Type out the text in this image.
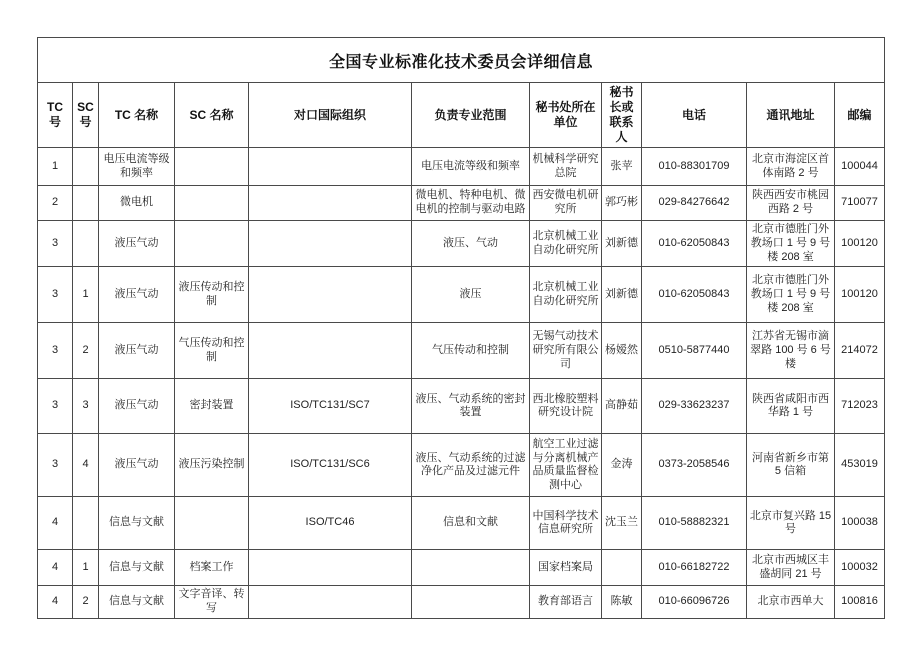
全国专业标准化技术委员会详细信息										
TC 号	SC 号	TC 名称	SC 名称	对口国际组织	负责专业范围	秘书处所在单位	秘书长或联系人	电话	通讯地址	邮编
1		电压电流等级和频率			电压电流等级和频率	机械科学研究总院	张苹	010-88301709	北京市海淀区首体南路 2 号	100044
2		微电机			微电机、特种电机、微电机的控制与驱动电路	西安微电机研究所	郭巧彬	029-84276642	陕西西安市桃园西路 2 号	710077
3		液压气动			液压、气动	北京机械工业自动化研究所	刘新德	010-62050843	北京市德胜门外教场口 1 号 9 号楼 208 室	100120
3	1	液压气动	液压传动和控制		液压	北京机械工业自动化研究所	刘新德	010-62050843	北京市德胜门外教场口 1 号 9 号楼 208 室	100120
3	2	液压气动	气压传动和控制		气压传动和控制	无锡气动技术研究所有限公司	杨嫒然	0510-5877440	江苏省无锡市滴翠路 100 号 6 号楼	214072
3	3	液压气动	密封装置	ISO/TC131/SC7	液压、气动系统的密封装置	西北橡胶塑料研究设计院	高静茹	029-33623237	陕西省咸阳市西华路 1 号	712023
3	4	液压气动	液压污染控制	ISO/TC131/SC6	液压、气动系统的过滤净化产品及过滤元件	航空工业过滤与分离机械产品质量监督检测中心	金涛	0373-2058546	河南省新乡市第 5 信箱	453019
4		信息与文献		ISO/TC46	信息和文献	中国科学技术信息研究所	沈玉兰	010-58882321	北京市复兴路 15 号	100038
4	1	信息与文献	档案工作			国家档案局		010-66182722	北京市西城区丰盛胡同 21 号	100032
4	2	信息与文献	文字音译、转写			教育部语言	陈敏	010-66096726	北京市西单大	100816
